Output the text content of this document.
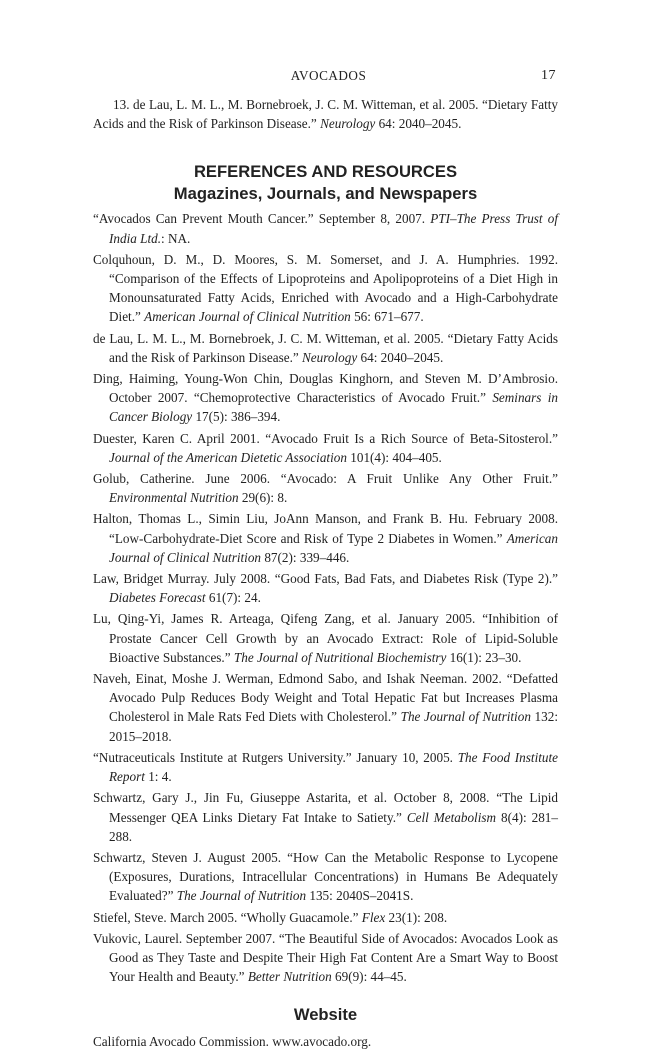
AVOCADOS	17

13. de Lau, L. M. L., M. Bornebroek, J. C. M. Witteman, et al. 2005. “Dietary Fatty Acids and the Risk of Parkinson Disease.” Neurology 64: 2040–2045.

REFERENCES AND RESOURCES
Magazines, Journals, and Newspapers

“Avocados Can Prevent Mouth Cancer.” September 8, 2007. PTI–The Press Trust of India Ltd.: NA.

Colquhoun, D. M., D. Moores, S. M. Somerset, and J. A. Humphries. 1992. “Comparison of the Effects of Lipoproteins and Apolipoproteins of a Diet High in Monounsaturated Fatty Acids, Enriched with Avocado and a High-Carbohydrate Diet.” American Journal of Clinical Nutrition 56: 671–677.

de Lau, L. M. L., M. Bornebroek, J. C. M. Witteman, et al. 2005. “Dietary Fatty Acids and the Risk of Parkinson Disease.” Neurology 64: 2040–2045.

Ding, Haiming, Young-Won Chin, Douglas Kinghorn, and Steven M. D’Ambrosio. October 2007. “Chemoprotective Characteristics of Avocado Fruit.” Seminars in Cancer Biology 17(5): 386–394.

Duester, Karen C. April 2001. “Avocado Fruit Is a Rich Source of Beta-Sitosterol.” Journal of the American Dietetic Association 101(4): 404–405.

Golub, Catherine. June 2006. “Avocado: A Fruit Unlike Any Other Fruit.” Environmental Nutrition 29(6): 8.

Halton, Thomas L., Simin Liu, JoAnn Manson, and Frank B. Hu. February 2008. “Low-Carbohydrate-Diet Score and Risk of Type 2 Diabetes in Women.” American Journal of Clinical Nutrition 87(2): 339–446.

Law, Bridget Murray. July 2008. “Good Fats, Bad Fats, and Diabetes Risk (Type 2).” Diabetes Forecast 61(7): 24.

Lu, Qing-Yi, James R. Arteaga, Qifeng Zang, et al. January 2005. “Inhibition of Prostate Cancer Cell Growth by an Avocado Extract: Role of Lipid-Soluble Bioactive Substances.” The Journal of Nutritional Biochemistry 16(1): 23–30.

Naveh, Einat, Moshe J. Werman, Edmond Sabo, and Ishak Neeman. 2002. “Defatted Avocado Pulp Reduces Body Weight and Total Hepatic Fat but Increases Plasma Cholesterol in Male Rats Fed Diets with Cholesterol.” The Journal of Nutrition 132: 2015–2018.

“Nutraceuticals Institute at Rutgers University.” January 10, 2005. The Food Institute Report 1: 4.

Schwartz, Gary J., Jin Fu, Giuseppe Astarita, et al. October 8, 2008. “The Lipid Messenger QEA Links Dietary Fat Intake to Satiety.” Cell Metabolism 8(4): 281–288.

Schwartz, Steven J. August 2005. “How Can the Metabolic Response to Lycopene (Exposures, Durations, Intracellular Concentrations) in Humans Be Adequately Evaluated?” The Journal of Nutrition 135: 2040S–2041S.

Stiefel, Steve. March 2005. “Wholly Guacamole.” Flex 23(1): 208.

Vukovic, Laurel. September 2007. “The Beautiful Side of Avocados: Avocados Look as Good as They Taste and Despite Their High Fat Content Are a Smart Way to Boost Your Health and Beauty.” Better Nutrition 69(9): 44–45.

Website

California Avocado Commission. www.avocado.org.
